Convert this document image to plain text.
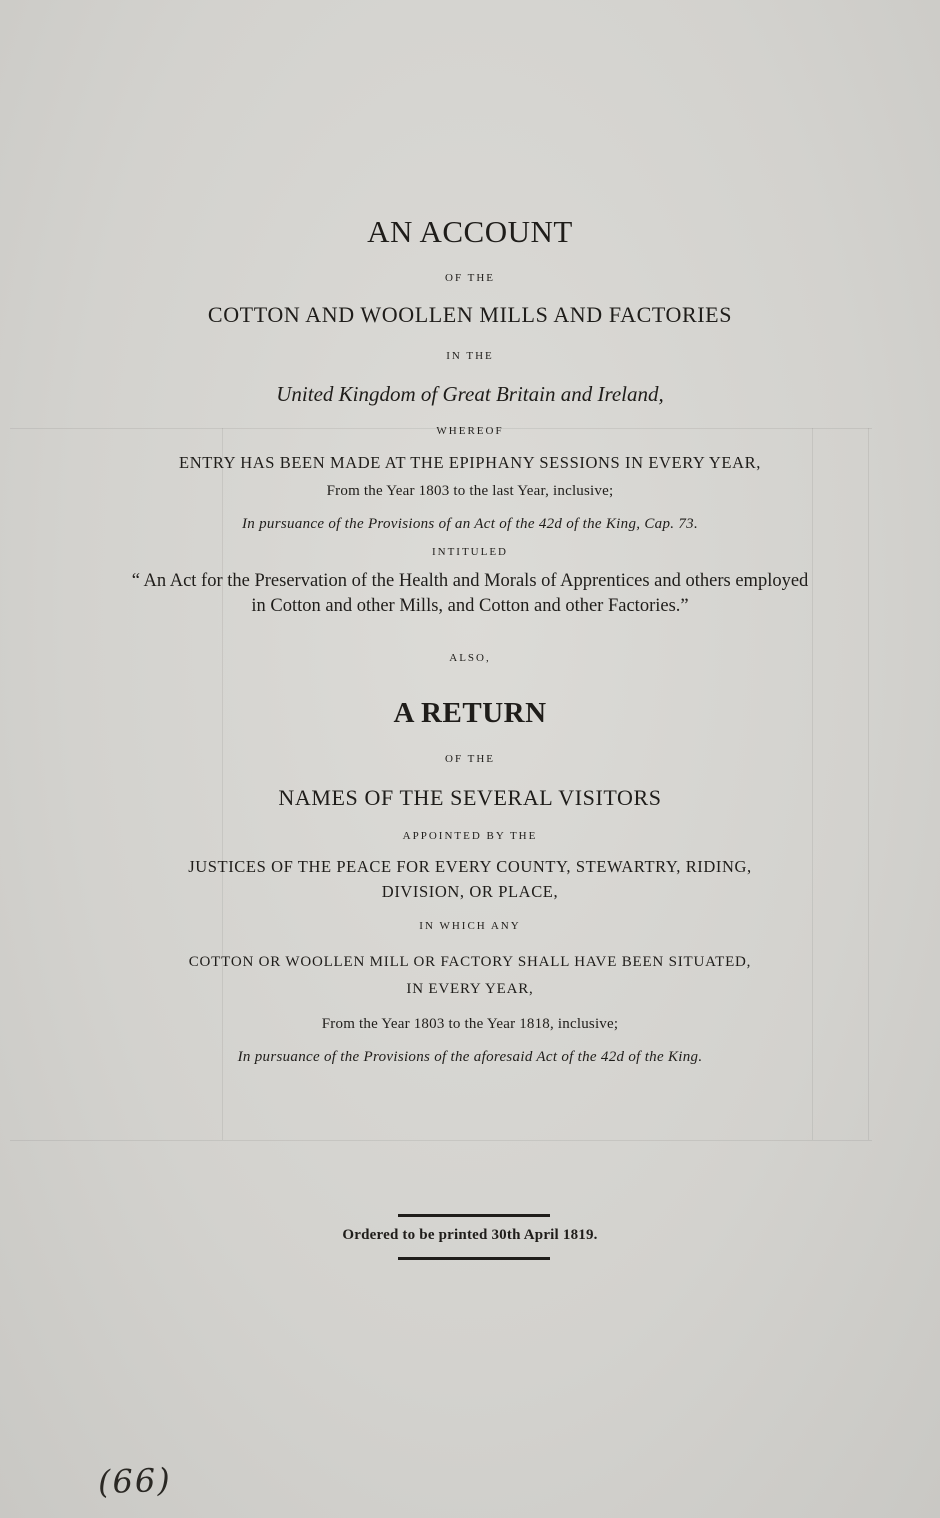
AN ACCOUNT
OF THE
COTTON AND WOOLLEN MILLS AND FACTORIES
IN THE
United Kingdom of Great Britain and Ireland,
WHEREOF
ENTRY HAS BEEN MADE AT THE EPIPHANY SESSIONS IN EVERY YEAR,
From the Year 1803 to the last Year, inclusive;
In pursuance of the Provisions of an Act of the 42d of the King, Cap. 73.
INTITULED
“ An Act for the Preservation of the Health and Morals of Apprentices and others employed
in Cotton and other Mills, and Cotton and other Factories.”
ALSO,
A RETURN
OF THE
NAMES OF THE SEVERAL VISITORS
APPOINTED BY THE
JUSTICES OF THE PEACE FOR EVERY COUNTY, STEWARTRY, RIDING,
DIVISION, OR PLACE,
IN WHICH ANY
COTTON OR WOOLLEN MILL OR FACTORY SHALL HAVE BEEN SITUATED,
IN EVERY YEAR,
From the Year 1803 to the Year 1818, inclusive;
In pursuance of the Provisions of the aforesaid Act of the 42d of the King.
Ordered to be printed 30th April 1819.
(66)
